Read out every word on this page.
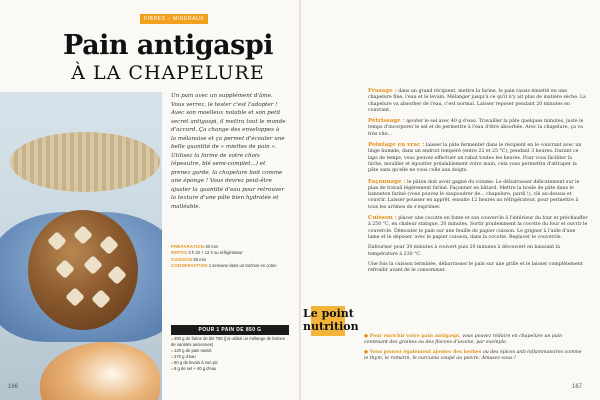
FIBRES – MINÉRAUX
Pain antigaspi
À LA CHAPELURE
Un pain avec un supplément d'âme. Vous verrez, le tester c'est l'adopter ! Avec son moelleux notable et son petit secret antigaspi, il mettra tout le monde d'accord. Ça change des enveloppes à la mélanaise et ça permet d'écouler une belle quantité de « miettes de pain ». Utilisez la farine de votre choix (épeautre, blé semi-complet...) et prenez garde, la chapelure boit comme une éponge ! Vous devrez peut-être ajuster la quantité d'eau pour retrouver la texture d'une pâte bien hydratée et malléable.
PRÉPARATION 20 min
REPOS 3 h 20 + 12 h au réfrigérateur
CUISSON 50 min
CONSERVATION 1 semaine dans un torchon en coton
POUR 1 PAIN DE 850 G
● 400 g de farine de blé T80 (j'ai utilisé un mélange de farines de variétés anciennes)
● 120 g de pain rassis
● 370 g d'eau
● 80 g de levain à son pic
● 8 g de sel + 40 g d'eau
166

Frasage : dans un grand récipient, mettre la farine, le pain rassis émietté en une chapelure fine, l'eau et le levain. Mélanger jusqu'à ce qu'il n'y ait plus de matière sèche. La chapelure va absorber de l'eau, c'est normal. Laisser reposer pendant 20 minutes en couvrant.

Pétrissage : ajouter le sel avec 40 g d'eau. Travailler la pâte quelques minutes, juste le temps d'incorporer le sel et de permettre à l'eau d'être absorbée. Avec la chapelure, ça va très vite...

Pointage en vrac : laisser la pâte fermenter dans le récipient en le couvrant avec un linge humide, dans un endroit tempéré (entre 22 et 25 °C), pendant 3 heures. Durant ce laps de temps, vous pouvez effectuer un rabat toutes les heures. Pour vous faciliter la tâche, mouiller et égoutter préalablement votre main, cela vous permettra d'attraper la pâte sans qu'elle ne vous colle aux doigts.

Façonnage : le pâton doit avoir gagné du volume. Le débarrasser délicatement sur le plan de travail légèrement fariné. Façonner en bâtard. Mettre la boule de pâte dans le banneton fariné (vous pouvez le saupoudrer de... chapelure, pardi !), clé au-dessus et couvrir. Laisser pousser en apprêt, ensuite 12 heures au réfrigérateur, pour permettre à tous les arômes de s'exprimer.

Cuisson : placer une cocotte en fonte et son couvercle à l'intérieur du four et préchauffer à 250 °C, en chaleur statique, 20 minutes. Sortir prudemment la cocotte du four et ouvrir le couvercle. Démouler le pain sur une feuille de papier cuisson. Le grigner à l'aide d'une lame et le déposer, avec le papier cuisson, dans la cocotte. Replacer le couvercle.

Enfourner pour 30 minutes à couvert puis 20 minutes à découvert en baissant la température à 230 °C.

Une fois la cuisson terminée, débarrasser le pain sur une grille et le laisser complètement refroidir avant de le consommer.

Le point
nutrition
● Pour enrichir votre pain antigaspi, vous pouvez réduire en chapelure un pain contenant des graines ou des flocons d'avoine, par exemple.
● Vous pouvez également ajouter des herbes ou des épices anti-inflammatoires comme le thym, le romarin, le curcuma coupé au poivre. Amusez-vous !
167
